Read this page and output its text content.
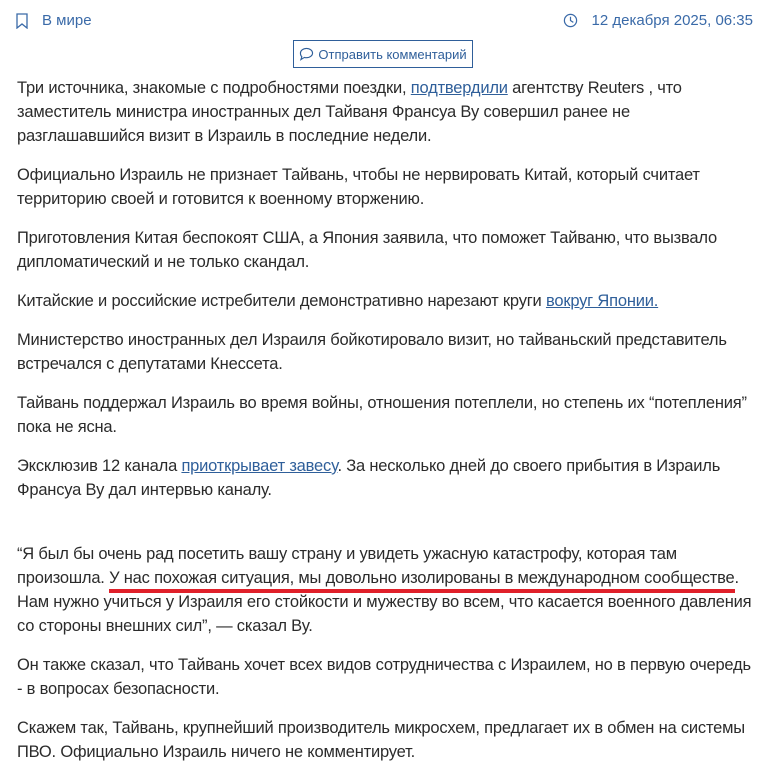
В мире	12 декабря 2025, 06:35
Отправить комментарий

Три источника, знакомые с подробностями поездки, подтвердили агентству Reuters , что
заместитель министра иностранных дел Тайваня Франсуа Ву совершил ранее не
разглашавшийся визит в Израиль в последние недели.

Официально Израиль не признает Тайвань, чтобы не нервировать Китай, который считает
территорию своей и готовится к военному вторжению.

Приготовления Китая беспокоят США, а Япония заявила, что поможет Тайваню, что вызвало
дипломатический и не только скандал.

Китайские и российские истребители демонстративно нарезают круги вокруг Японии.

Министерство иностранных дел Израиля бойкотировало визит, но тайваньский представитель
встречался с депутатами Кнессета.

Тайвань поддержал Израиль во время войны, отношения потеплели, но степень их “потепления”
пока не ясна.

Эксклюзив 12 канала приоткрывает завесу. За несколько дней до своего прибытия в Израиль
Франсуа Ву дал интервью каналу.

“Я был бы очень рад посетить вашу страну и увидеть ужасную катастрофу, которая там
произошла. У нас похожая ситуация, мы довольно изолированы в международном сообществе.
Нам нужно учиться у Израиля его стойкости и мужеству во всем, что касается военного давления
со стороны внешних сил”, — сказал Ву.

Он также сказал, что Тайвань хочет всех видов сотрудничества с Израилем, но в первую очередь
- в вопросах безопасности.

Скажем так, Тайвань, крупнейший производитель микросхем, предлагает их в обмен на системы
ПВО. Официально Израиль ничего не комментирует.
